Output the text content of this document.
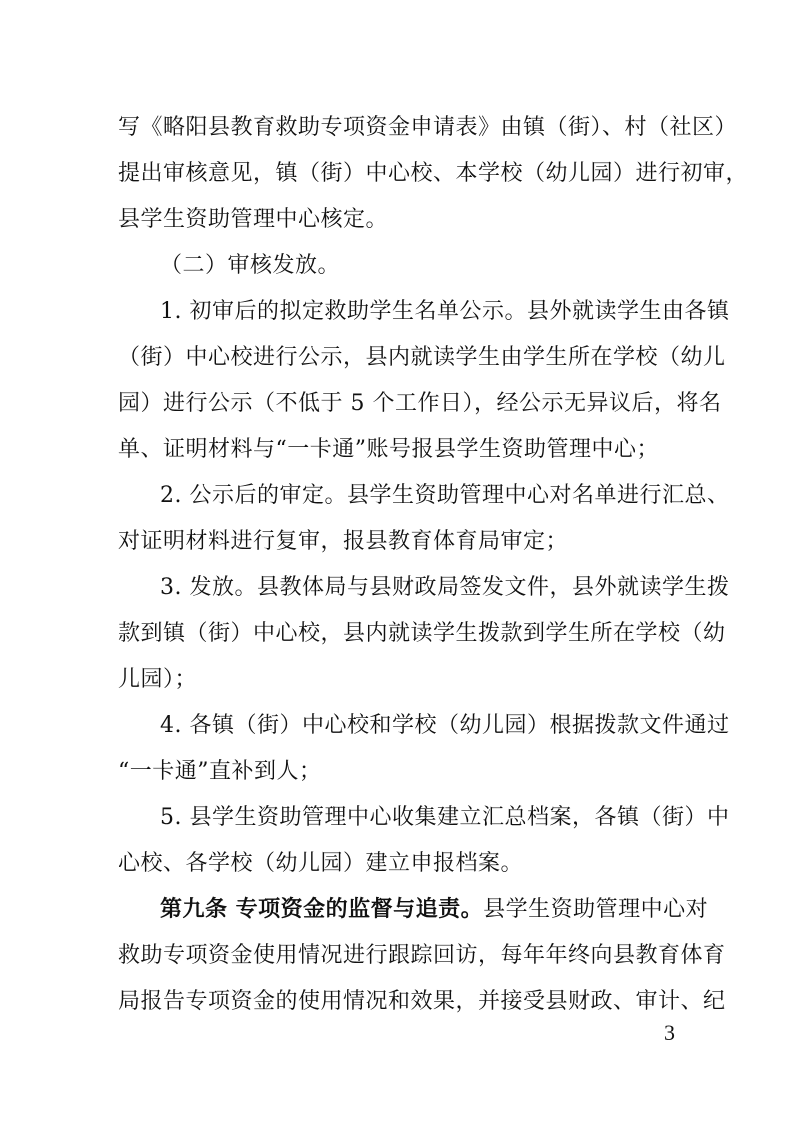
写《略阳县教育救助专项资金申请表》由镇（街）、村（社区）
提出审核意见，镇（街）中心校、本学校（幼儿园）进行初审，
县学生资助管理中心核定。
（二）审核发放。
1. 初审后的拟定救助学生名单公示。县外就读学生由各镇
（街）中心校进行公示，县内就读学生由学生所在学校（幼儿
园）进行公示（不低于 5 个工作日），经公示无异议后，将名
单、证明材料与“一卡通”账号报县学生资助管理中心；
2. 公示后的审定。县学生资助管理中心对名单进行汇总、
对证明材料进行复审，报县教育体育局审定；
3. 发放。县教体局与县财政局签发文件，县外就读学生拨
款到镇（街）中心校，县内就读学生拨款到学生所在学校（幼
儿园）；
4. 各镇（街）中心校和学校（幼儿园）根据拨款文件通过
“一卡通”直补到人；
5. 县学生资助管理中心收集建立汇总档案，各镇（街）中
心校、各学校（幼儿园）建立申报档案。
第九条 专项资金的监督与追责。县学生资助管理中心对
救助专项资金使用情况进行跟踪回访，每年年终向县教育体育
局报告专项资金的使用情况和效果，并接受县财政、审计、纪
3
